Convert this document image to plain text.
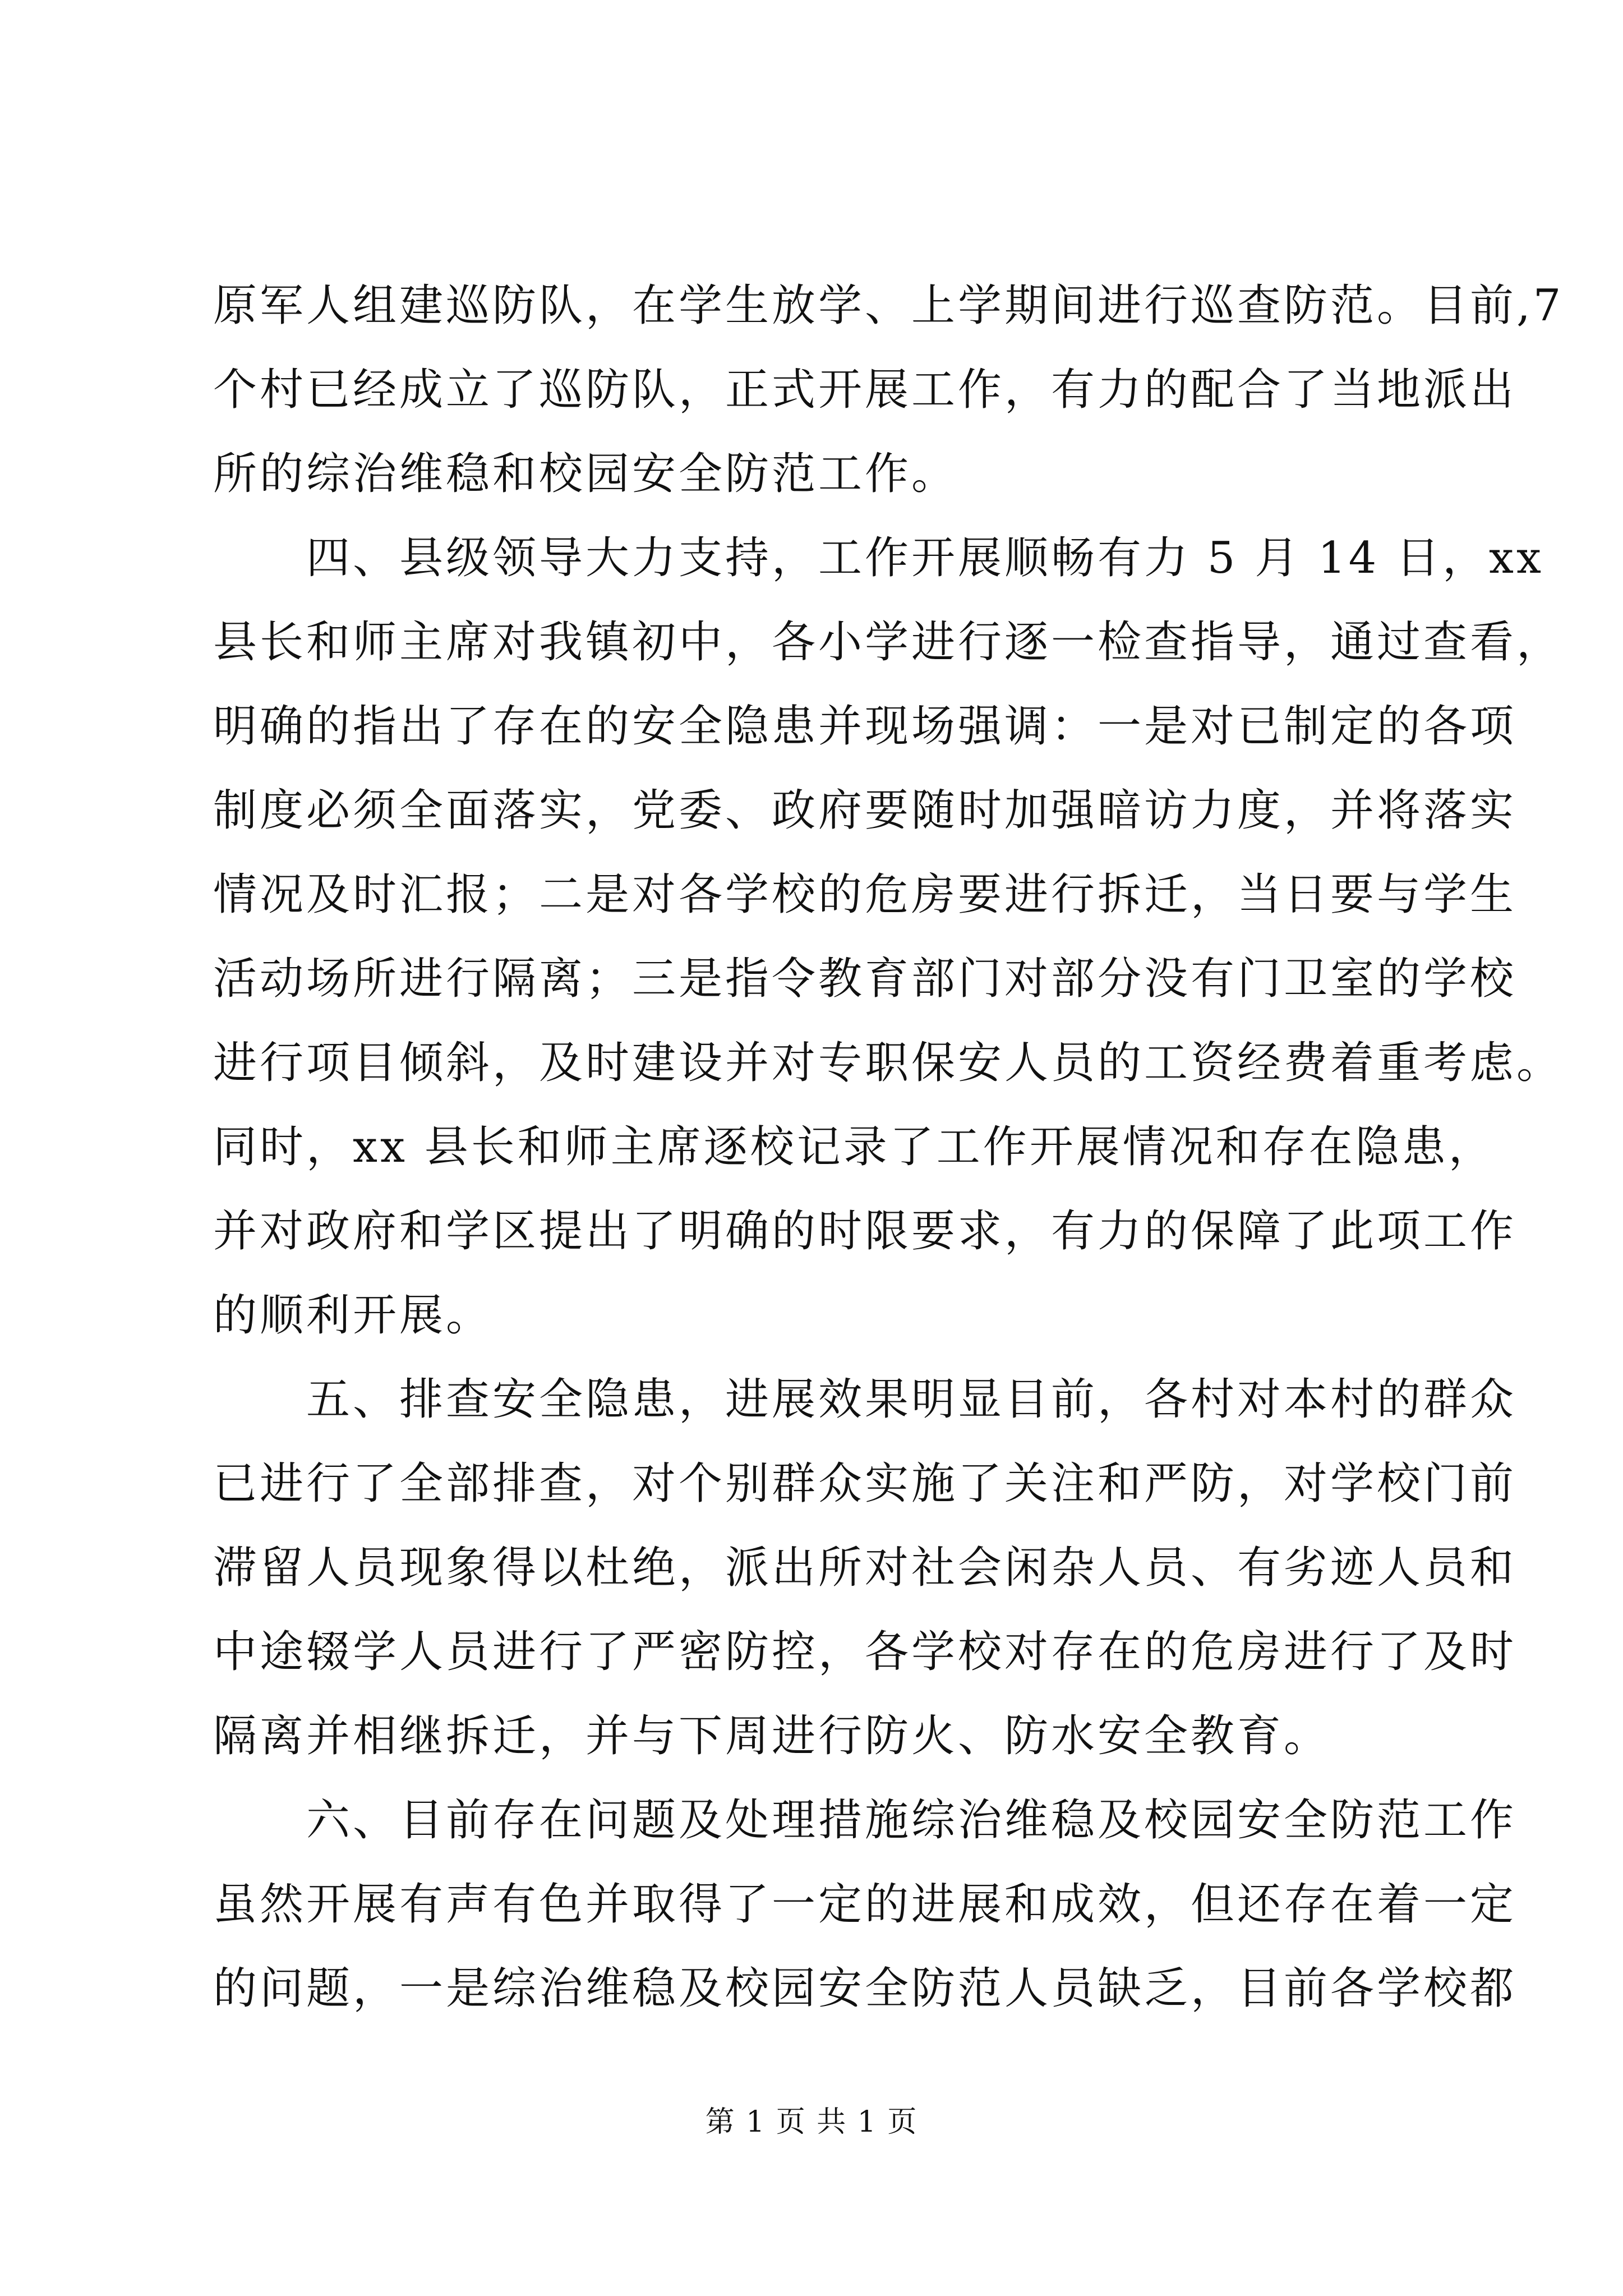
原军人组建巡防队，在学生放学、上学期间进行巡查防范。目前,7
个村已经成立了巡防队，正式开展工作，有力的配合了当地派出
所的综治维稳和校园安全防范工作。
　　四、县级领导大力支持，工作开展顺畅有力 5 月 14 日，xx
县长和师主席对我镇初中，各小学进行逐一检查指导，通过查看，
明确的指出了存在的安全隐患并现场强调：一是对已制定的各项
制度必须全面落实，党委、政府要随时加强暗访力度，并将落实
情况及时汇报；二是对各学校的危房要进行拆迁，当日要与学生
活动场所进行隔离；三是指令教育部门对部分没有门卫室的学校
进行项目倾斜，及时建设并对专职保安人员的工资经费着重考虑。
同时，xx 县长和师主席逐校记录了工作开展情况和存在隐患，
并对政府和学区提出了明确的时限要求，有力的保障了此项工作
的顺利开展。
　　五、排查安全隐患，进展效果明显目前，各村对本村的群众
已进行了全部排查，对个别群众实施了关注和严防，对学校门前
滞留人员现象得以杜绝，派出所对社会闲杂人员、有劣迹人员和
中途辍学人员进行了严密防控，各学校对存在的危房进行了及时
隔离并相继拆迁，并与下周进行防火、防水安全教育。
　　六、目前存在问题及处理措施综治维稳及校园安全防范工作
虽然开展有声有色并取得了一定的进展和成效，但还存在着一定
的问题，一是综治维稳及校园安全防范人员缺乏，目前各学校都
第 1 页 共 1 页
